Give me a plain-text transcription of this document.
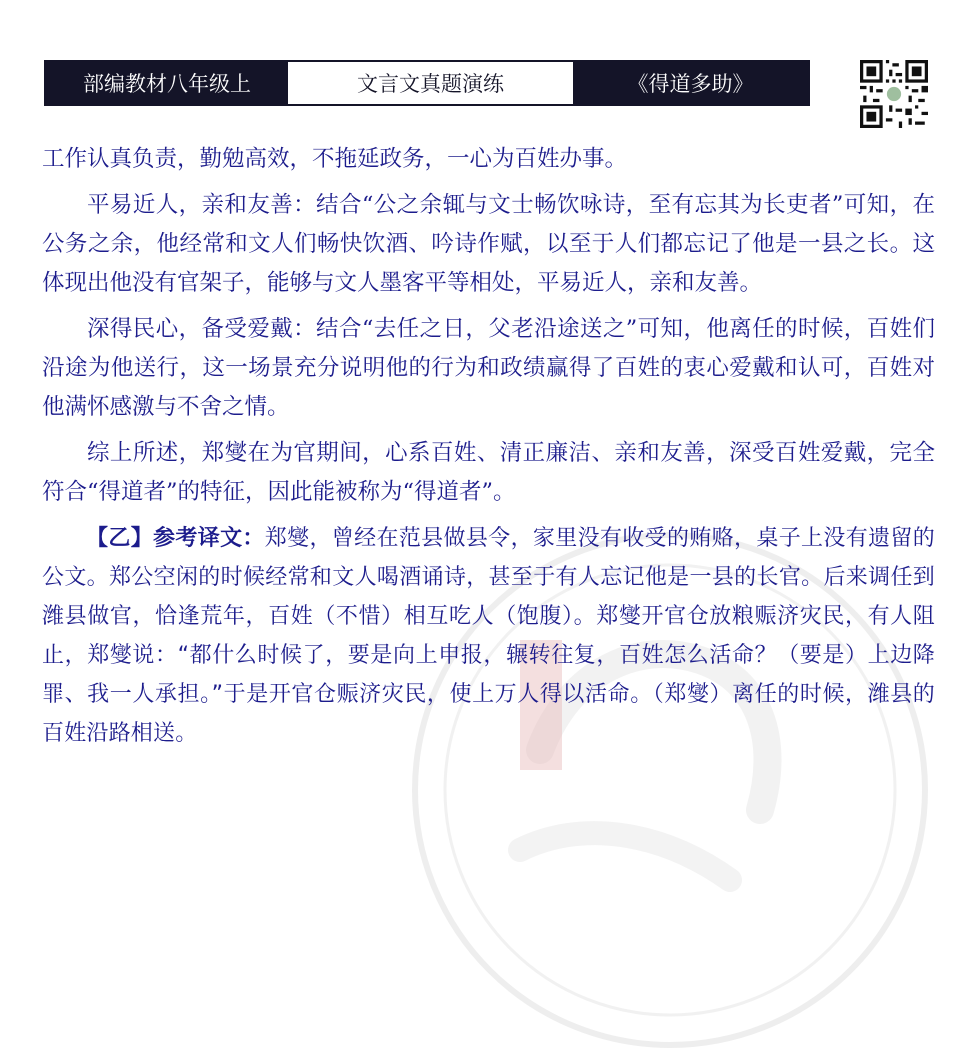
部编教材八年级上	文言文真题演练	《得道多助》

工作认真负责，勤勉高效，不拖延政务，一心为百姓办事。

平易近人，亲和友善：结合“公之余辄与文士畅饮咏诗，至有忘其为长吏者”可知，在公务之余，他经常和文人们畅快饮酒、吟诗作赋，以至于人们都忘记了他是一县之长。这体现出他没有官架子，能够与文人墨客平等相处，平易近人，亲和友善。

深得民心，备受爱戴：结合“去任之日，父老沿途送之”可知，他离任的时候，百姓们沿途为他送行，这一场景充分说明他的行为和政绩赢得了百姓的衷心爱戴和认可，百姓对他满怀感激与不舍之情。

综上所述，郑燮在为官期间，心系百姓、清正廉洁、亲和友善，深受百姓爱戴，完全符合“得道者”的特征，因此能被称为“得道者”。

【乙】参考译文：郑燮，曾经在范县做县令，家里没有收受的贿赂，桌子上没有遗留的公文。郑公空闲的时候经常和文人喝酒诵诗，甚至于有人忘记他是一县的长官。后来调任到潍县做官，恰逢荒年，百姓（不惜）相互吃人（饱腹）。郑燮开官仓放粮赈济灾民，有人阻止，郑燮说：“都什么时候了，要是向上申报，辗转往复，百姓怎么活命？（要是）上边降罪、我一人承担。”于是开官仓赈济灾民，使上万人得以活命。（郑燮）离任的时候，潍县的百姓沿路相送。
